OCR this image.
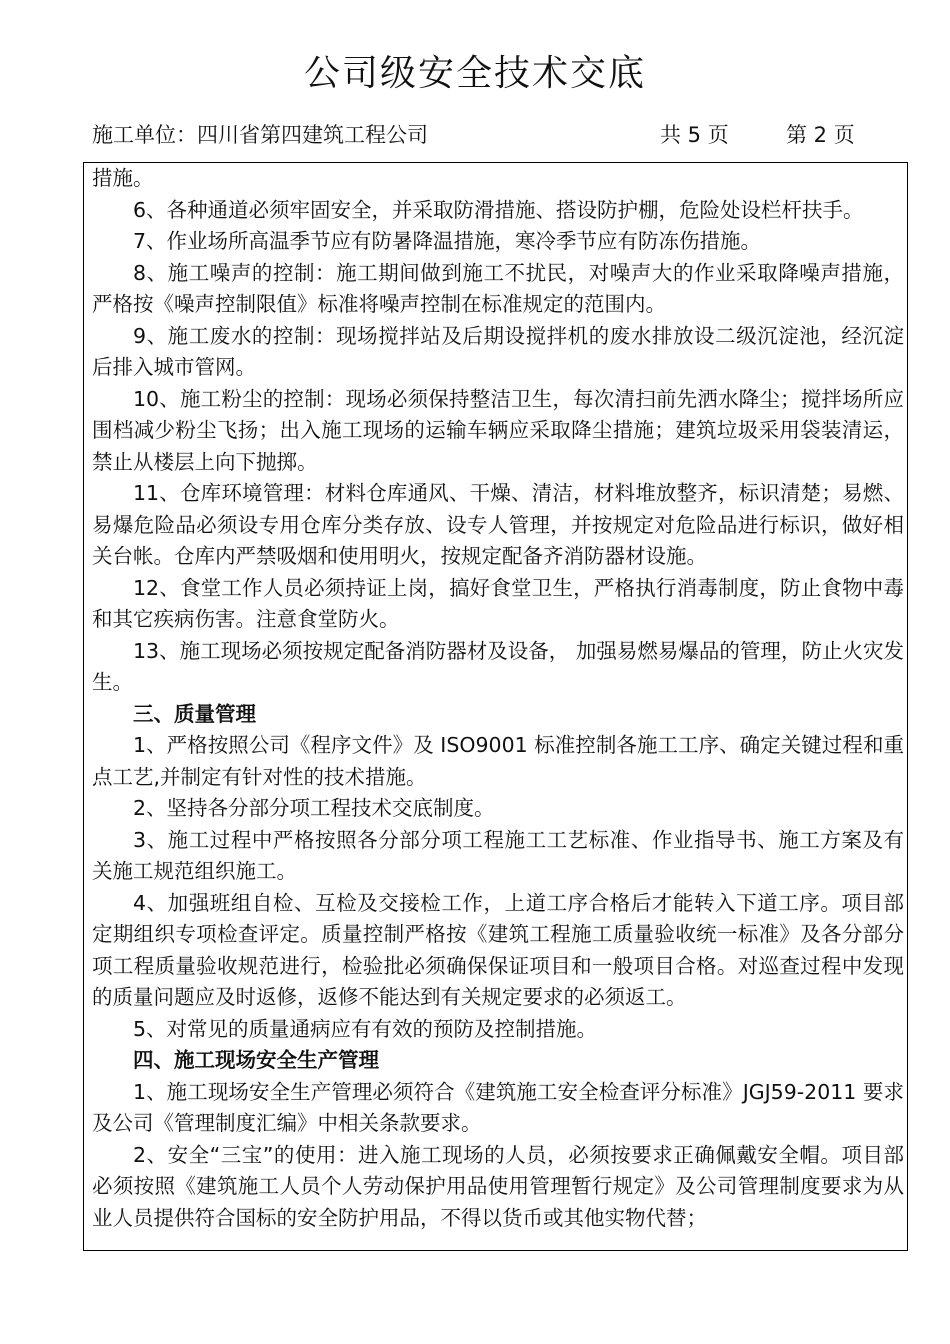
公司级安全技术交底
施工单位：四川省第四建筑工程公司	共 5 页	第 2 页

措施。

6、各种通道必须牢固安全，并采取防滑措施、搭设防护棚，危险处设栏杆扶手。

7、作业场所高温季节应有防暑降温措施，寒冷季节应有防冻伤措施。

8、施工噪声的控制：施工期间做到施工不扰民，对噪声大的作业采取降噪声措施，严格按《噪声控制限值》标准将噪声控制在标准规定的范围内。

9、施工废水的控制：现场搅拌站及后期设搅拌机的废水排放设二级沉淀池，经沉淀后排入城市管网。

10、施工粉尘的控制：现场必须保持整洁卫生，每次清扫前先洒水降尘；搅拌场所应围档减少粉尘飞扬；出入施工现场的运输车辆应采取降尘措施；建筑垃圾采用袋装清运，禁止从楼层上向下抛掷。

11、仓库环境管理：材料仓库通风、干燥、清洁，材料堆放整齐，标识清楚；易燃、易爆危险品必须设专用仓库分类存放、设专人管理，并按规定对危险品进行标识，做好相关台帐。仓库内严禁吸烟和使用明火，按规定配备齐消防器材设施。

12、食堂工作人员必须持证上岗，搞好食堂卫生，严格执行消毒制度，防止食物中毒和其它疾病伤害。注意食堂防火。

13、施工现场必须按规定配备消防器材及设备， 加强易燃易爆品的管理，防止火灾发生。

三、质量管理

1、严格按照公司《程序文件》及 ISO9001 标准控制各施工工序、确定关键过程和重点工艺,并制定有针对性的技术措施。

2、坚持各分部分项工程技术交底制度。

3、施工过程中严格按照各分部分项工程施工工艺标准、作业指导书、施工方案及有关施工规范组织施工。

4、加强班组自检、互检及交接检工作，上道工序合格后才能转入下道工序。项目部定期组织专项检查评定。质量控制严格按《建筑工程施工质量验收统一标准》及各分部分项工程质量验收规范进行，检验批必须确保保证项目和一般项目合格。对巡查过程中发现的质量问题应及时返修，返修不能达到有关规定要求的必须返工。

5、对常见的质量通病应有有效的预防及控制措施。

四、施工现场安全生产管理

1、施工现场安全生产管理必须符合《建筑施工安全检查评分标准》JGJ59-2011 要求及公司《管理制度汇编》中相关条款要求。

2、安全“三宝”的使用：进入施工现场的人员，必须按要求正确佩戴安全帽。项目部必须按照《建筑施工人员个人劳动保护用品使用管理暂行规定》及公司管理制度要求为从业人员提供符合国标的安全防护用品，不得以货币或其他实物代替；
